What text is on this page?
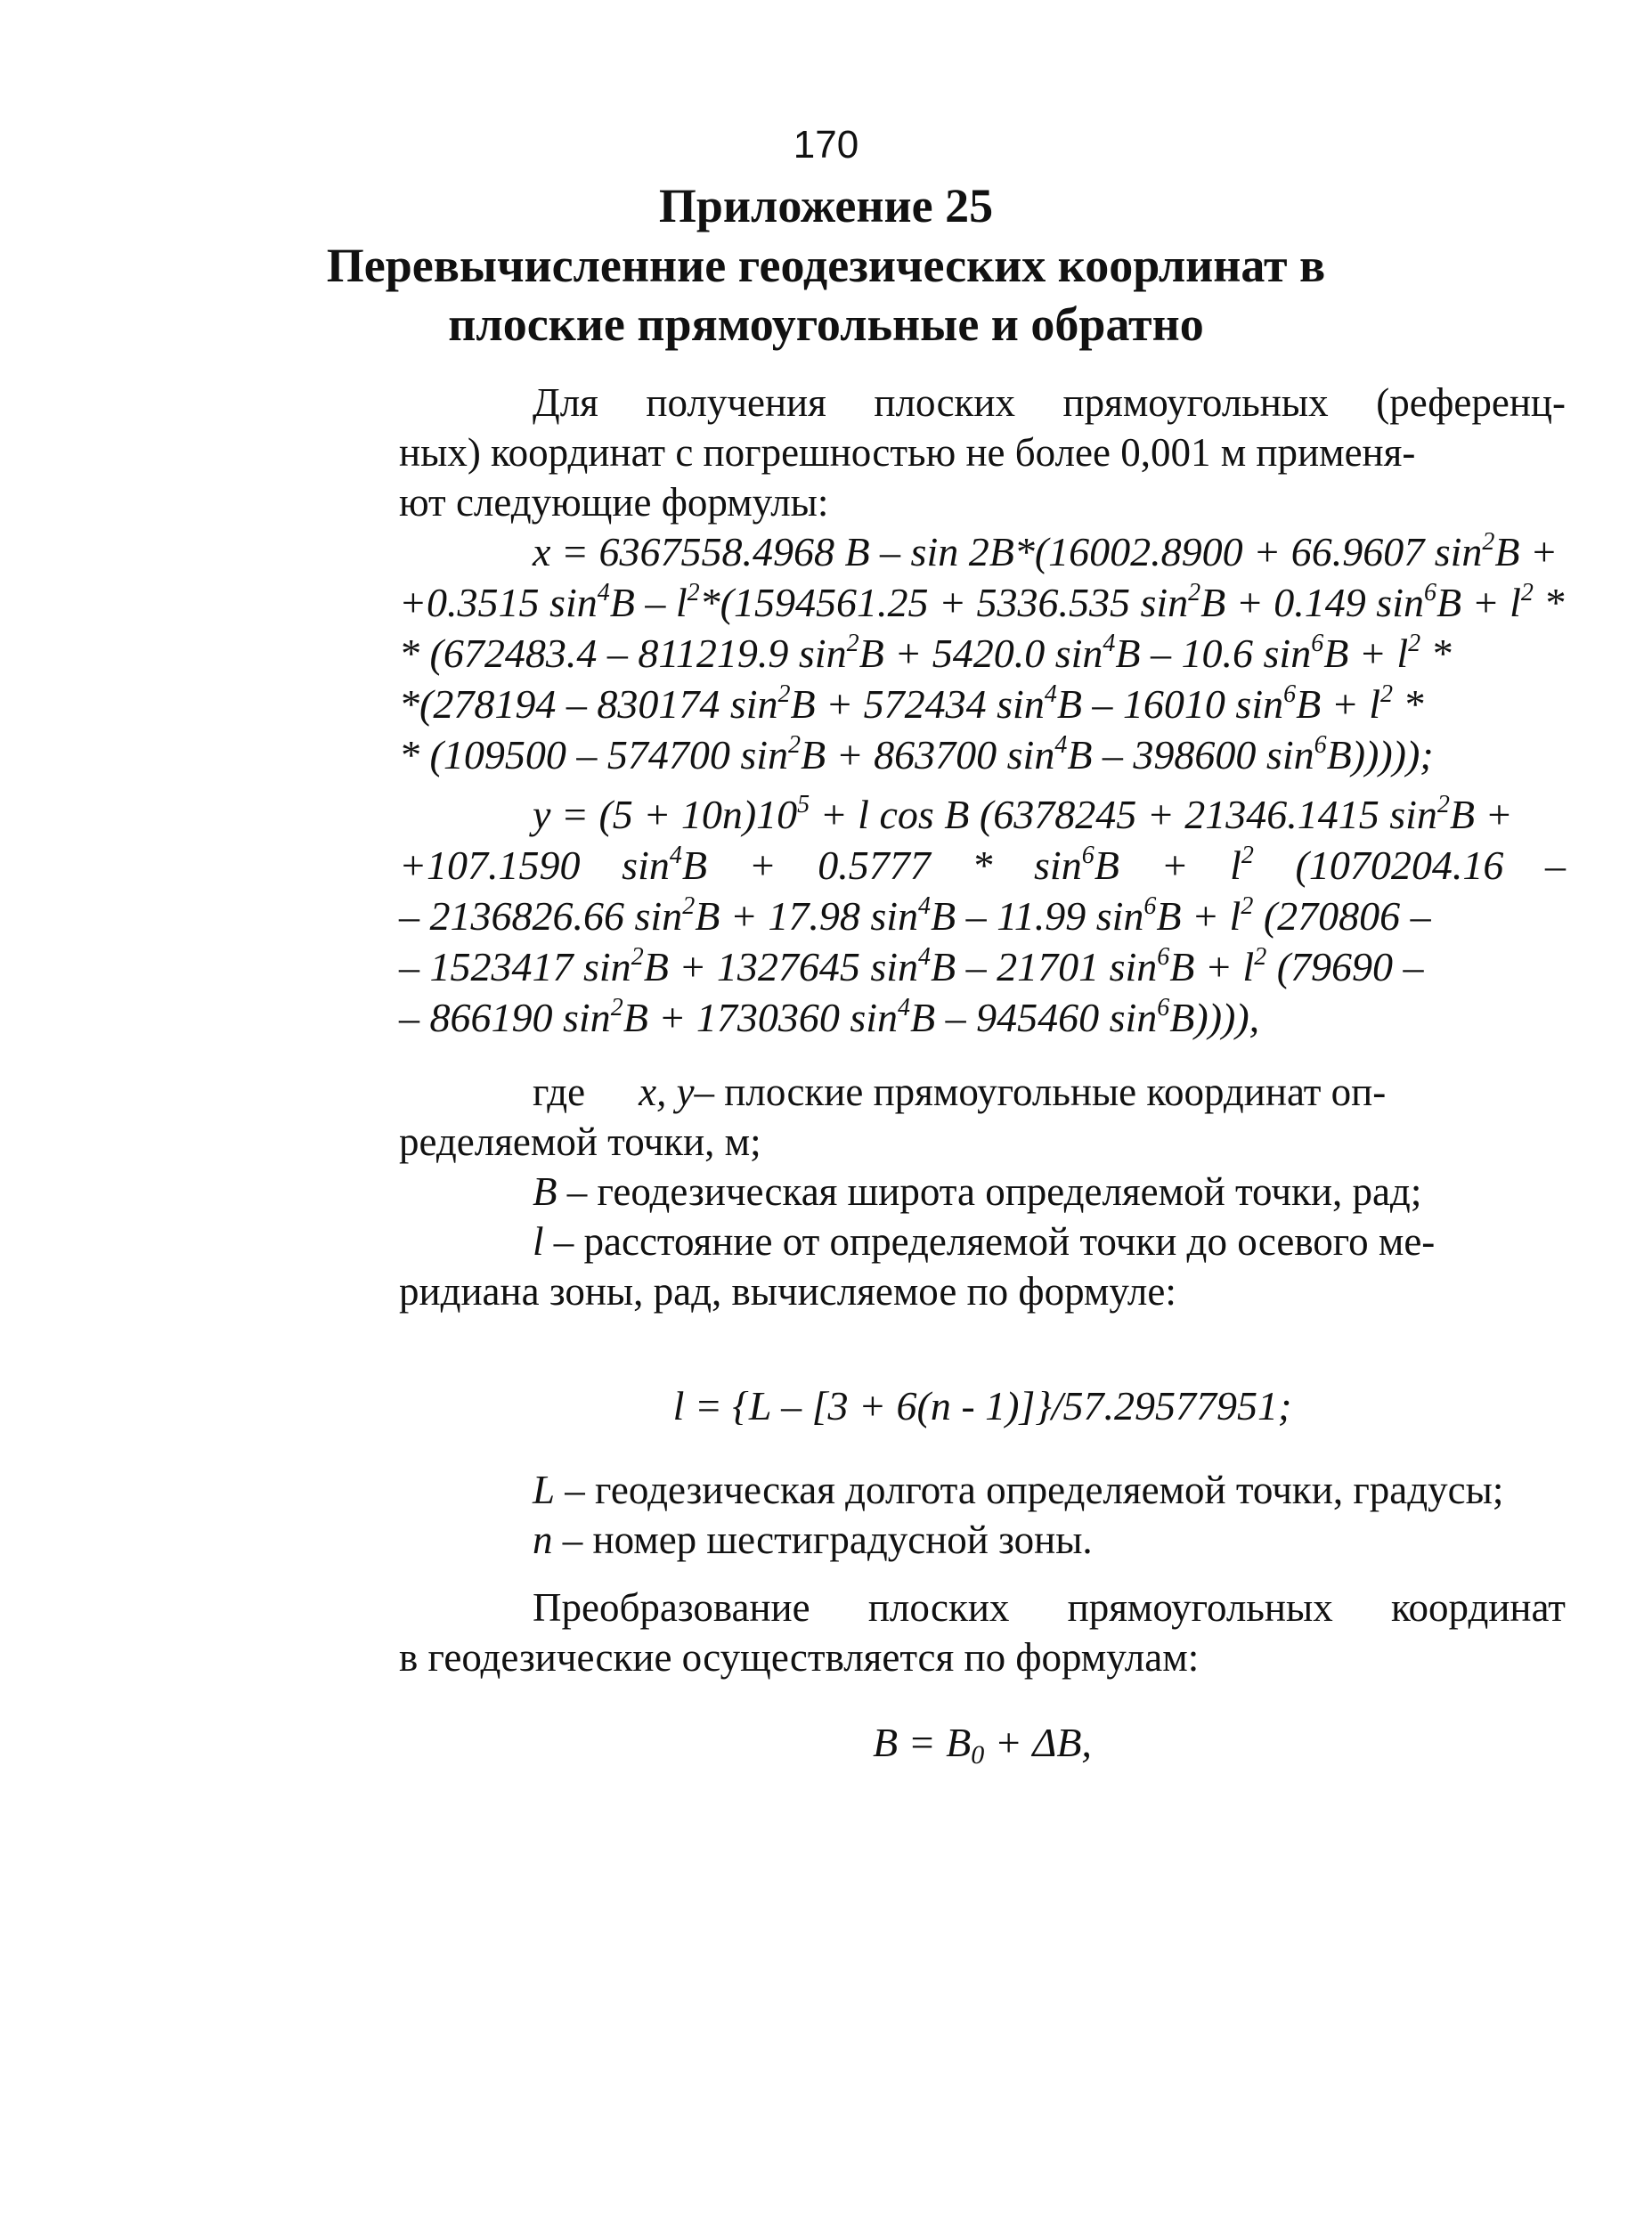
170
Приложение 25
Перевычисленние геодезических коорлинат в
плоские прямоугольные и обратно
Для получения плоских прямоугольных (референц-
ных) координат с погрешностью не более 0,001 м применя-
ют следующие формулы:
x = 6367558.4968 B – sin 2B*(16002.8900 + 66.9607 $\sin^2B$ +
+0.3515 $\sin^4B - l^2*(1594561.25 + 5336.535$ $\sin^2B + 0.149$ $\sin^6B + l^2$ *
* (672483.4 – 811219.9 $\sin^2B + 5420.0$ $\sin^4B - 10.6$ $\sin^6B + l^2$ *
*(278194 – 830174 $\sin^2B + 572434$ $\sin^4B - 16010$ $\sin^6B + l^2$ *
* (109500 – 574700 $\sin^2B + 863700$ $\sin^4B - 398600$ $\sin^6B$)))));
$y = (5 + 10n)10^5 + l$ cos B (6378245 + 21346.1415 $\sin^2B$ +
+107.1590 $\sin^4B + 0.5777 * \sin^6B + l^2$ (1070204.16 –
– 2136826.66 $\sin^2B + 17.98$ $\sin^4B - 11.99$ $\sin^6B + l^2$ (270806 –
– 1523417 $\sin^2B + 1327645$ $\sin^4B - 21701$ $\sin^6B + l^2$ (79690 –
– 866190 $\sin^2B + 1730360$ $\sin^4B - 945460$ $\sin^6B$)))),
где x, y– плоские прямоугольные координат оп-
ределяемой точки, м;
B – геодезическая широта определяемой точки, рад;
l – расстояние от определяемой точки до осевого ме-
ридиана зоны, рад, вычисляемое по формуле:
l = {L – [3 + 6(n - 1)]}/57.29577951;
L – геодезическая долгота определяемой точки, градусы;
n – номер шестиградусной зоны.
Преобразование плоских прямоугольных координат
в геодезические осуществляется по формулам:
$B = B_0 + \Delta B$,
